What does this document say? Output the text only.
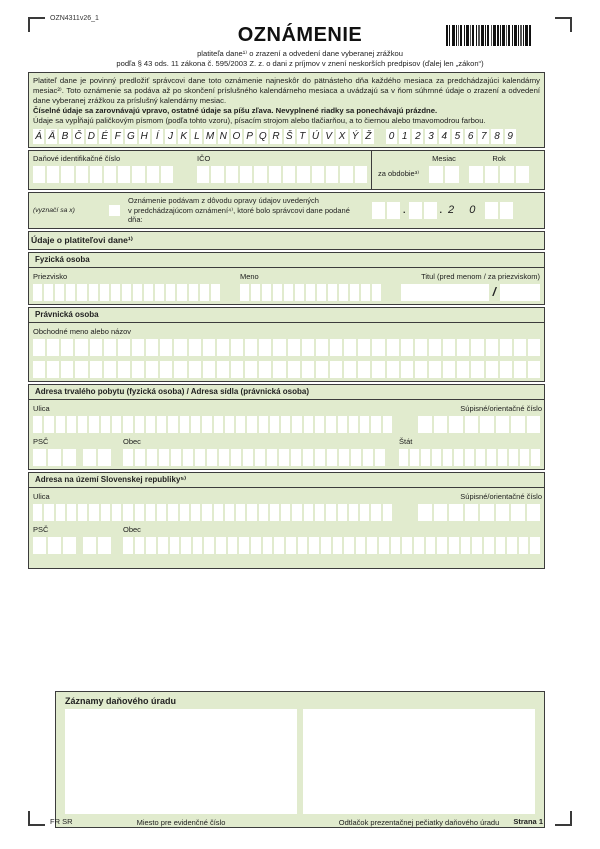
OZN4311v26_1
OZNÁMENIE
platiteľa dane¹⁾ o zrazení a odvedení dane vyberanej zrážkou
podľa § 43 ods. 11 zákona č. 595/2003 Z. z. o dani z príjmov v znení neskorších predpisov (ďalej len „zákon“)

Platiteľ dane je povinný predložiť správcovi dane toto oznámenie najneskôr do pätnásteho dňa každého mesiaca za predchádzajúci kalendárny mesiac²⁾. Toto oznámenie sa podáva až po skončení príslušného kalendárneho mesiaca a uvádzajú sa v ňom súhrnné údaje o zrazení a odvedení dane vyberanej zrážkou za príslušný kalendárny mesiac.

Číselné údaje sa zarovnávajú vpravo, ostatné údaje sa píšu zľava. Nevyplnené riadky sa ponechávajú prázdne.

Údaje sa vypĺňajú paličkovým písmom (podľa tohto vzoru), písacím strojom alebo tlačiarňou, a to čiernou alebo tmavomodrou farbou.

Á Ä B Č D É F G H Í J K L M N O P Q R Š T Ú V X Ý Ž 0 1 2 3 4 5 6 7 8 9
Daňové identifikačné číslo	IČO
za obdobie³⁾
Mesiac	Rok
(vyznačí sa x)
Oznámenie podávam z dôvodu opravy údajov uvedených
v predchádzajúcom oznámení⁴⁾, ktoré bolo správcovi dane podané dňa:
.	. 2 0
Údaje o platiteľovi dane¹⁾
Fyzická osoba
Priezvisko	Meno	Titul (pred menom / za priezviskom)
/
Právnická osoba
Obchodné meno alebo názov
Adresa trvalého pobytu (fyzická osoba) / Adresa sídla (právnická osoba)
Ulica	Súpisné/orientačné číslo
PSČ	Obec	Štát
Adresa na území Slovenskej republiky⁵⁾
Ulica	Súpisné/orientačné číslo
PSČ	Obec
Záznamy daňového úradu
Miesto pre evidenčné číslo	Odtlačok prezentačnej pečiatky daňového úradu
FR SR	Strana 1
